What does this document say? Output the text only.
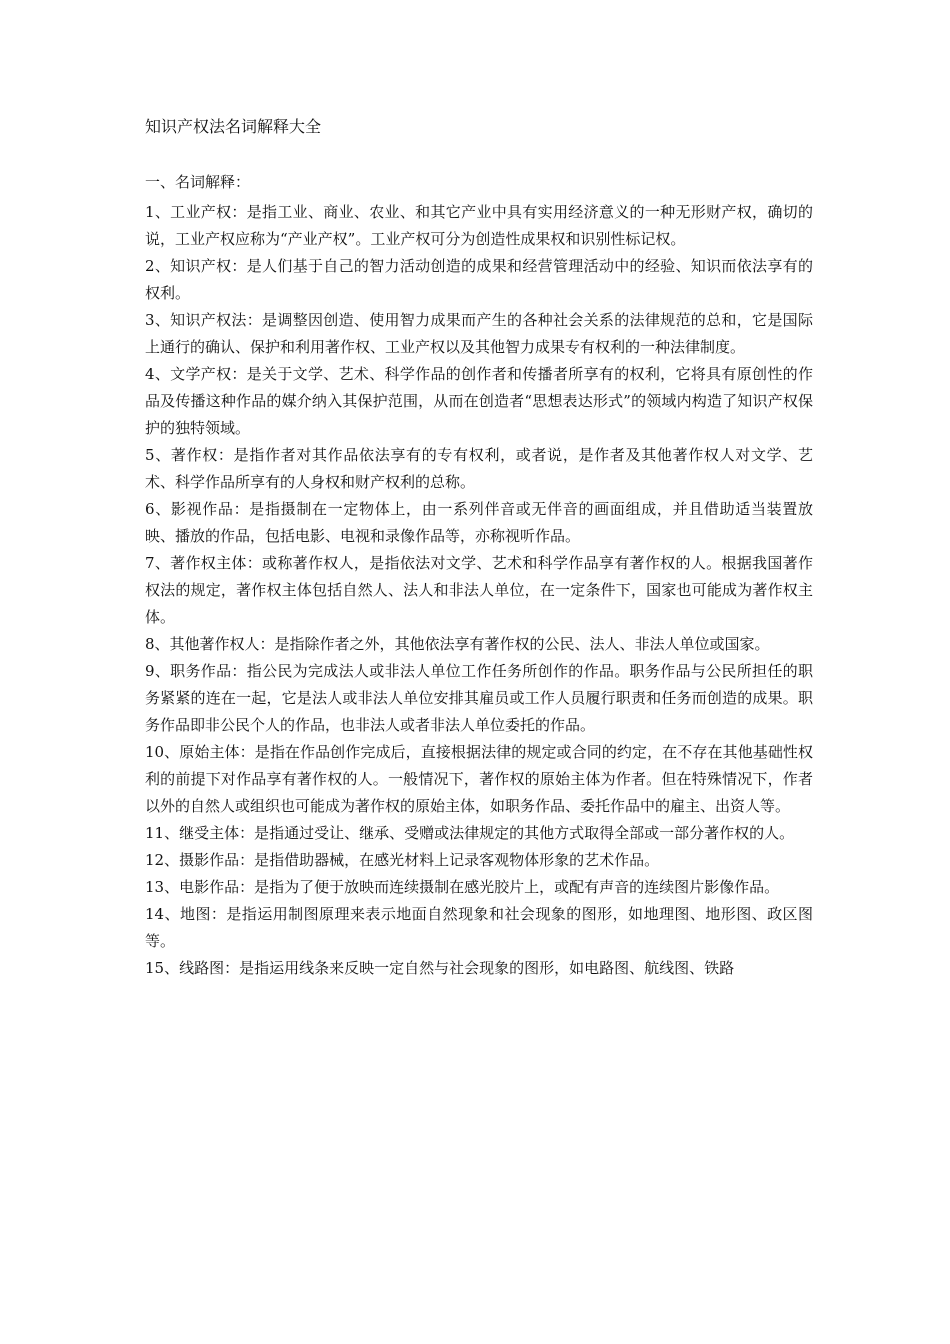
知识产权法名词解释大全
一、名词解释：
1、工业产权：是指工业、商业、农业、和其它产业中具有实用经济意义的一种无形财产权，确切的说，工业产权应称为“产业产权”。工业产权可分为创造性成果权和识别性标记权。
2、知识产权：是人们基于自己的智力活动创造的成果和经营管理活动中的经验、知识而依法享有的权利。
3、知识产权法：是调整因创造、使用智力成果而产生的各种社会关系的法律规范的总和，它是国际上通行的确认、保护和利用著作权、工业产权以及其他智力成果专有权利的一种法律制度。
4、文学产权：是关于文学、艺术、科学作品的创作者和传播者所享有的权利，它将具有原创性的作品及传播这种作品的媒介纳入其保护范围，从而在创造者“思想表达形式”的领域内构造了知识产权保护的独特领域。
5、著作权：是指作者对其作品依法享有的专有权利，或者说，是作者及其他著作权人对文学、艺术、科学作品所享有的人身权和财产权利的总称。
6、影视作品：是指摄制在一定物体上，由一系列伴音或无伴音的画面组成，并且借助适当装置放映、播放的作品，包括电影、电视和录像作品等，亦称视听作品。
7、著作权主体：或称著作权人，是指依法对文学、艺术和科学作品享有著作权的人。根据我国著作权法的规定，著作权主体包括自然人、法人和非法人单位，在一定条件下，国家也可能成为著作权主体。
8、其他著作权人：是指除作者之外，其他依法享有著作权的公民、法人、非法人单位或国家。
9、职务作品：指公民为完成法人或非法人单位工作任务所创作的作品。职务作品与公民所担任的职务紧紧的连在一起，它是法人或非法人单位安排其雇员或工作人员履行职责和任务而创造的成果。职务作品即非公民个人的作品，也非法人或者非法人单位委托的作品。
10、原始主体：是指在作品创作完成后，直接根据法律的规定或合同的约定，在不存在其他基础性权利的前提下对作品享有著作权的人。一般情况下，著作权的原始主体为作者。但在特殊情况下，作者以外的自然人或组织也可能成为著作权的原始主体，如职务作品、委托作品中的雇主、出资人等。
11、继受主体：是指通过受让、继承、受赠或法律规定的其他方式取得全部或一部分著作权的人。
12、摄影作品：是指借助器械，在感光材料上记录客观物体形象的艺术作品。
13、电影作品：是指为了便于放映而连续摄制在感光胶片上，或配有声音的连续图片影像作品。
14、地图：是指运用制图原理来表示地面自然现象和社会现象的图形，如地理图、地形图、政区图等。
15、线路图：是指运用线条来反映一定自然与社会现象的图形，如电路图、航线图、铁路
